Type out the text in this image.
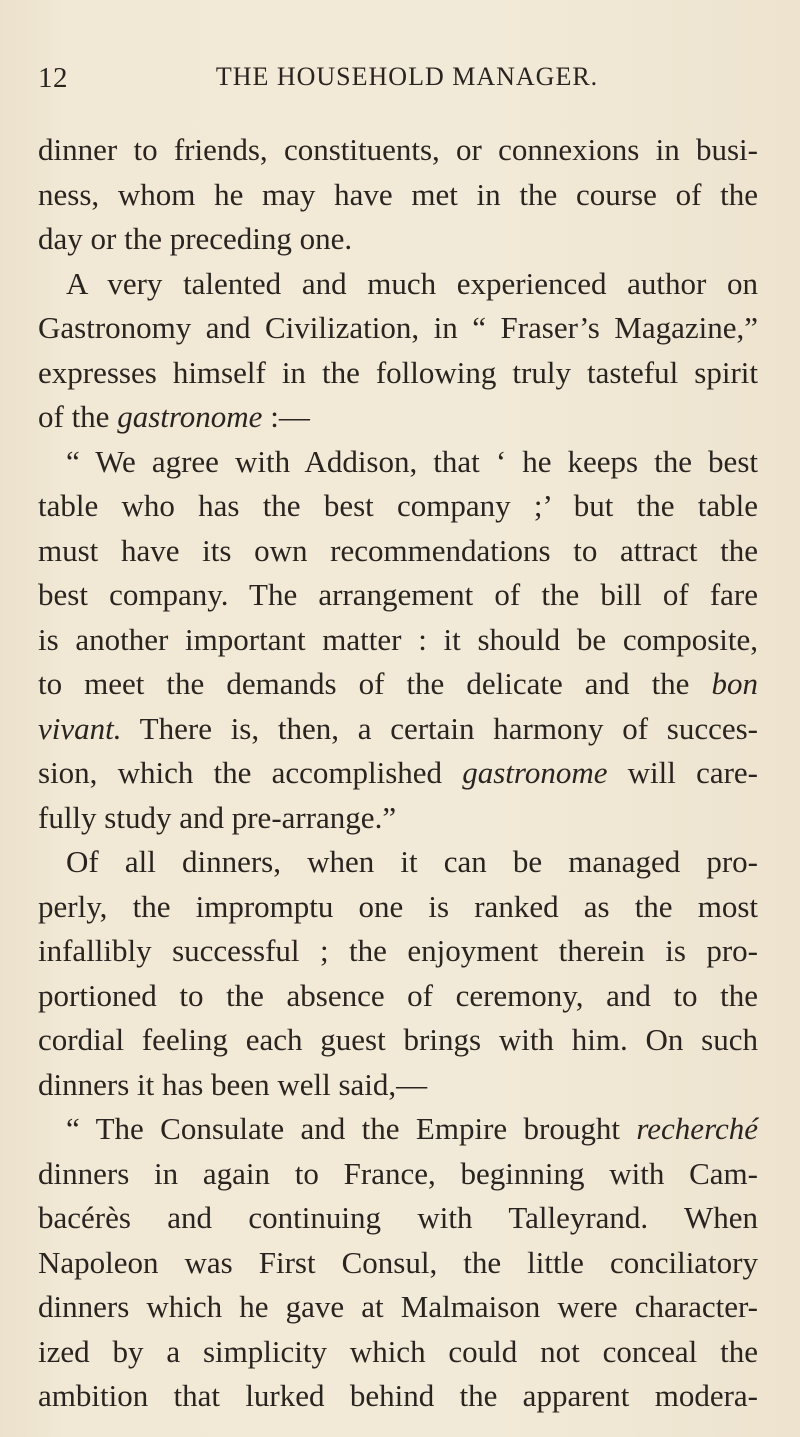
12	THE HOUSEHOLD MANAGER.
dinner to friends, constituents, or connexions in busi-
ness, whom he may have met in the course of the
day or the preceding one.
A very talented and much experienced author on
Gastronomy and Civilization, in “ Fraser’s Magazine,”
expresses himself in the following truly tasteful spirit
of the gastronome :—
“ We agree with Addison, that ‘ he keeps the best
table who has the best company ;’ but the table
must have its own recommendations to attract the
best company. The arrangement of the bill of fare
is another important matter : it should be composite,
to meet the demands of the delicate and the bon
vivant. There is, then, a certain harmony of succes-
sion, which the accomplished gastronome will care-
fully study and pre-arrange.”
Of all dinners, when it can be managed pro-
perly, the impromptu one is ranked as the most
infallibly successful ; the enjoyment therein is pro-
portioned to the absence of ceremony, and to the
cordial feeling each guest brings with him. On such
dinners it has been well said,—
“ The Consulate and the Empire brought recherché
dinners in again to France, beginning with Cam-
bacérès and continuing with Talleyrand. When
Napoleon was First Consul, the little conciliatory
dinners which he gave at Malmaison were character-
ized by a simplicity which could not conceal the
ambition that lurked behind the apparent modera-
